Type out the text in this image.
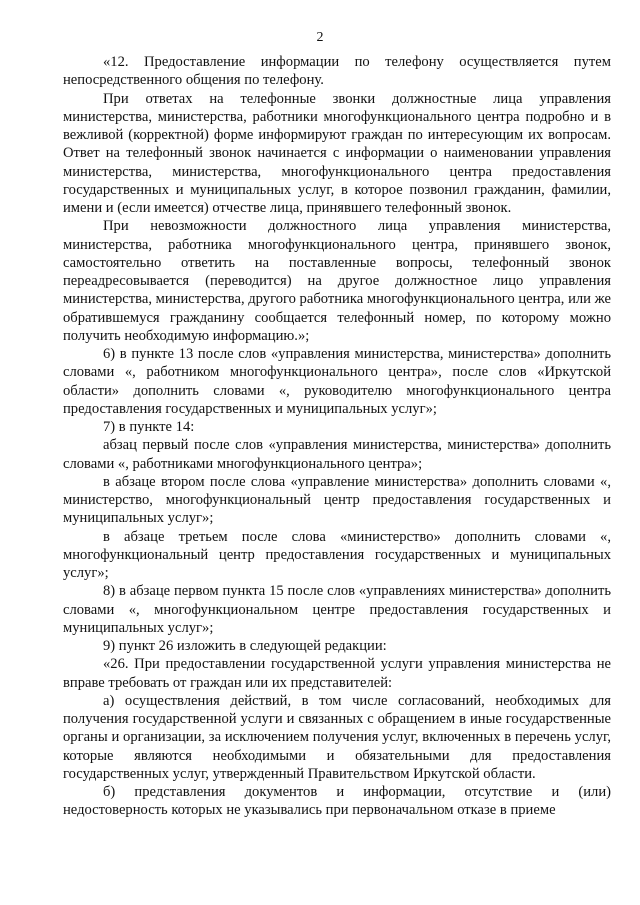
2

«12. Предоставление информации по телефону осуществляется путем непосредственного общения по телефону.

При ответах на телефонные звонки должностные лица управления министерства, министерства, работники многофункционального центра подробно и в вежливой (корректной) форме информируют граждан по интересующим их вопросам. Ответ на телефонный звонок начинается с информации о наименовании управления министерства, министерства, многофункционального центра предоставления государственных и муниципальных услуг, в которое позвонил гражданин, фамилии, имени и (если имеется) отчестве лица, принявшего телефонный звонок.

При невозможности должностного лица управления министерства, министерства, работника многофункционального центра, принявшего звонок, самостоятельно ответить на поставленные вопросы, телефонный звонок переадресовывается (переводится) на другое должностное лицо управления министерства, министерства, другого работника многофункционального центра, или же обратившемуся гражданину сообщается телефонный номер, по которому можно получить необходимую информацию.»;

6) в пункте 13 после слов «управления министерства, министерства» дополнить словами «, работником многофункционального центра», после слов «Иркутской области» дополнить словами «, руководителю многофункционального центра предоставления государственных и муниципальных услуг»;

7) в пункте 14:

абзац первый после слов «управления министерства, министерства» дополнить словами «, работниками многофункционального центра»;

в абзаце втором после слова «управление министерства» дополнить словами «, министерство, многофункциональный центр предоставления государственных и муниципальных услуг»;

в абзаце третьем после слова «министерство» дополнить словами «, многофункциональный центр предоставления государственных и муниципальных услуг»;

8) в абзаце первом пункта 15 после слов «управлениях министерства» дополнить словами «, многофункциональном центре предоставления государственных и муниципальных услуг»;

9) пункт 26 изложить в следующей редакции:

«26. При предоставлении государственной услуги управления министерства не вправе требовать от граждан или их представителей:

а) осуществления действий, в том числе согласований, необходимых для получения государственной услуги и связанных с обращением в иные государственные органы и организации, за исключением получения услуг, включенных в перечень услуг, которые являются необходимыми и обязательными для предоставления государственных услуг, утвержденный Правительством Иркутской области.

б) представления документов и информации, отсутствие и (или) недостоверность которых не указывались при первоначальном отказе в приеме
